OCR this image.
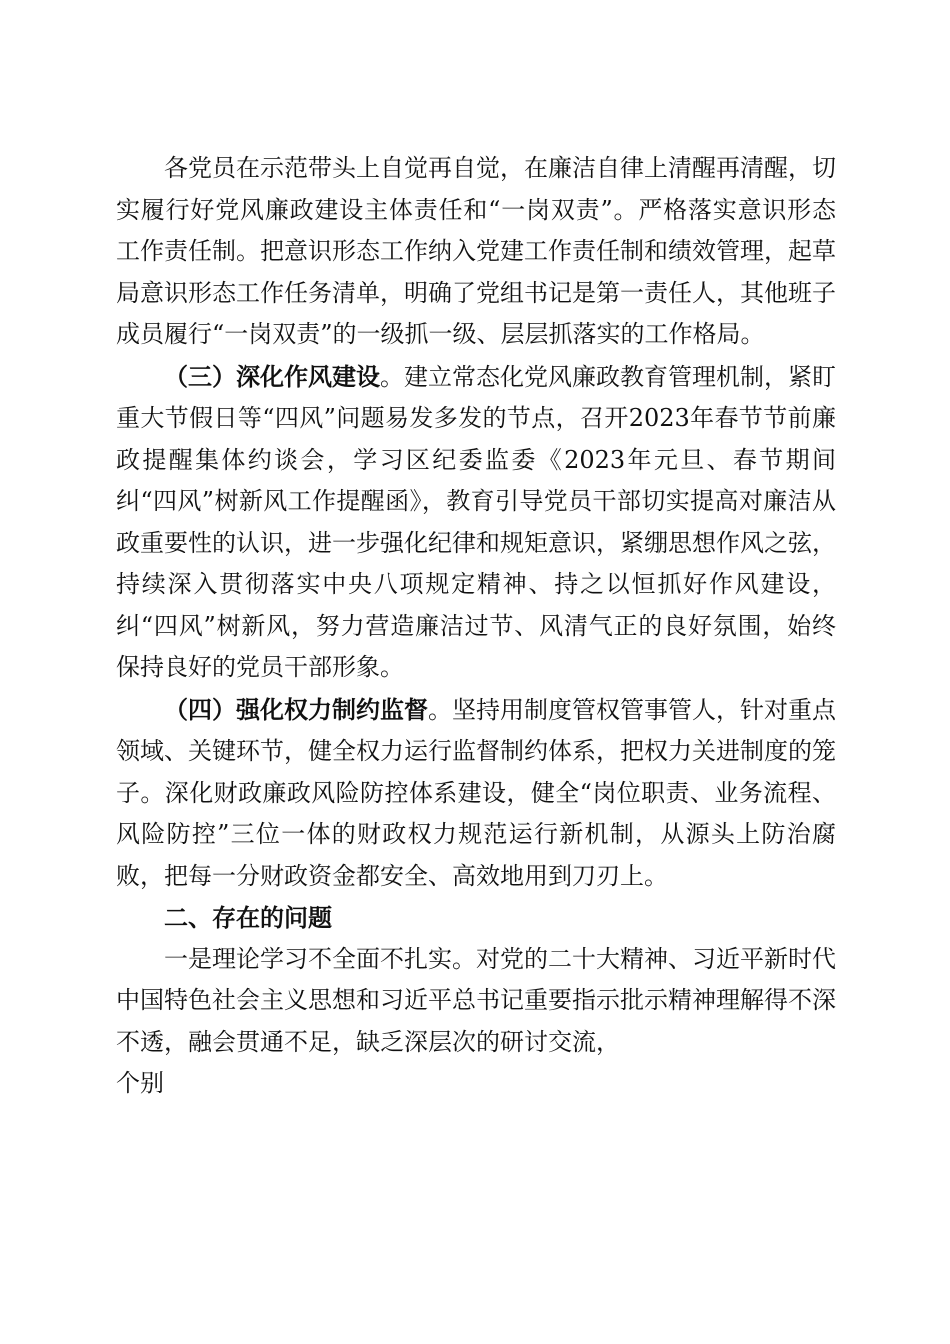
各党员在示范带头上自觉再自觉，在廉洁自律上清醒再清醒，切实履行好党风廉政建设主体责任和“一岗双责”。严格落实意识形态工作责任制。把意识形态工作纳入党建工作责任制和绩效管理，起草局意识形态工作任务清单，明确了党组书记是第一责任人，其他班子成员履行“一岗双责”的一级抓一级、层层抓落实的工作格局。

（三）深化作风建设。建立常态化党风廉政教育管理机制，紧盯重大节假日等“四风”问题易发多发的节点，召开2023年春节节前廉政提醒集体约谈会，学习区纪委监委《2023年元旦、春节期间纠“四风”树新风工作提醒函》，教育引导党员干部切实提高对廉洁从政重要性的认识，进一步强化纪律和规矩意识，紧绷思想作风之弦，持续深入贯彻落实中央八项规定精神、持之以恒抓好作风建设，纠“四风”树新风，努力营造廉洁过节、风清气正的良好氛围，始终保持良好的党员干部形象。

（四）强化权力制约监督。坚持用制度管权管事管人，针对重点领域、关键环节，健全权力运行监督制约体系，把权力关进制度的笼子。深化财政廉政风险防控体系建设，健全“岗位职责、业务流程、风险防控”三位一体的财政权力规范运行新机制，从源头上防治腐败，把每一分财政资金都安全、高效地用到刀刃上。

二、存在的问题

一是理论学习不全面不扎实。对党的二十大精神、习近平新时代中国特色社会主义思想和习近平总书记重要指示批示精神理解得不深不透，融会贯通不足，缺乏深层次的研讨交流，

个别
